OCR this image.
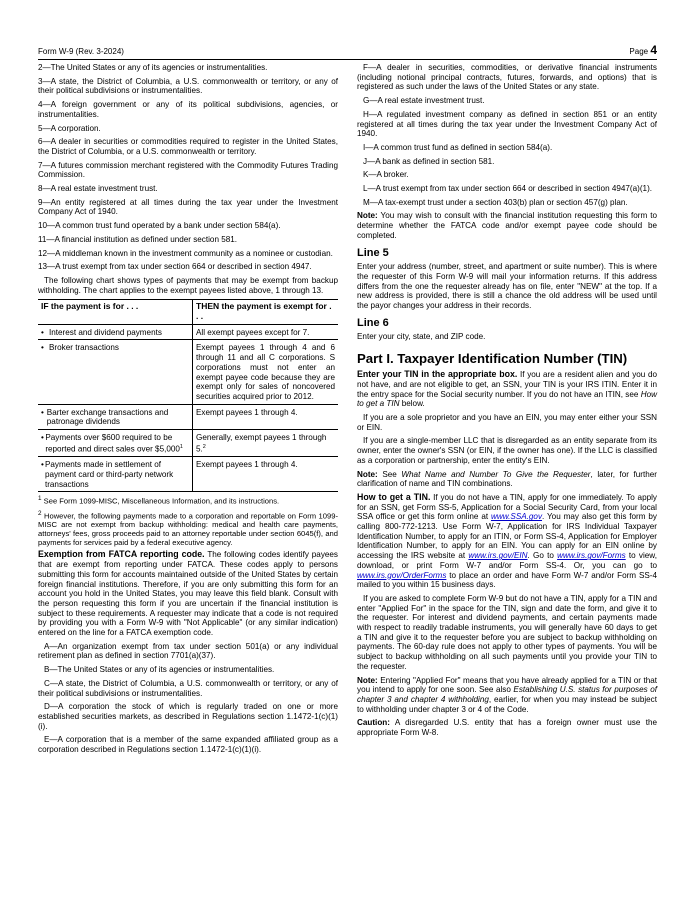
Form W-9 (Rev. 3-2024)	Page 4

2—The United States or any of its agencies or instrumentalities.

3—A state, the District of Columbia, a U.S. commonwealth or territory, or any of their political subdivisions or instrumentalities.

4—A foreign government or any of its political subdivisions, agencies, or instrumentalities.

5—A corporation.

6—A dealer in securities or commodities required to register in the United States, the District of Columbia, or a U.S. commonwealth or territory.

7—A futures commission merchant registered with the Commodity Futures Trading Commission.

8—A real estate investment trust.

9—An entity registered at all times during the tax year under the Investment Company Act of 1940.

10—A common trust fund operated by a bank under section 584(a).

11—A financial institution as defined under section 581.

12—A middleman known in the investment community as a nominee or custodian.

13—A trust exempt from tax under section 664 or described in section 4947.

The following chart shows types of payments that may be exempt from backup withholding. The chart applies to the exempt payees listed above, 1 through 13.

IF the payment is for . . .	THEN the payment is exempt for . . .
• Interest and dividend payments	All exempt payees except for 7.
• Broker transactions	Exempt payees 1 through 4 and 6 through 11 and all C corporations. S corporations must not enter an exempt payee code because they are exempt only for sales of noncovered securities acquired prior to 2012.

• Barter exchange transactions and patronage dividends	Exempt payees 1 through 4.

• Payments over $600 required to be reported and direct sales over $5,000$^1$	Generally, exempt payees 1 through 5.$^2$

• Payments made in settlement of payment card or third-party network transactions	Exempt payees 1 through 4.

$^1$ See Form 1099-MISC, Miscellaneous Information, and its instructions.

$^2$ However, the following payments made to a corporation and reportable on Form 1099-MISC are not exempt from backup withholding: medical and health care payments, attorneys' fees, gross proceeds paid to an attorney reportable under section 6045(f), and payments for services paid by a federal executive agency.

Exemption from FATCA reporting code. The following codes identify payees that are exempt from reporting under FATCA. These codes apply to persons submitting this form for accounts maintained outside of the United States by certain foreign financial institutions. Therefore, if you are only submitting this form for an account you hold in the United States, you may leave this field blank. Consult with the person requesting this form if you are uncertain if the financial institution is subject to these requirements. A requester may indicate that a code is not required by providing you with a Form W-9 with "Not Applicable" (or any similar indication) entered on the line for a FATCA exemption code.

A—An organization exempt from tax under section 501(a) or any individual retirement plan as defined in section 7701(a)(37).

B—The United States or any of its agencies or instrumentalities.

C—A state, the District of Columbia, a U.S. commonwealth or territory, or any of their political subdivisions or instrumentalities.

D—A corporation the stock of which is regularly traded on one or more established securities markets, as described in Regulations section 1.1472-1(c)(1)(i).

E—A corporation that is a member of the same expanded affiliated group as a corporation described in Regulations section 1.1472-1(c)(1)(i).

F—A dealer in securities, commodities, or derivative financial instruments (including notional principal contracts, futures, forwards, and options) that is registered as such under the laws of the United States or any state.

G—A real estate investment trust.

H—A regulated investment company as defined in section 851 or an entity registered at all times during the tax year under the Investment Company Act of 1940.

I—A common trust fund as defined in section 584(a).

J—A bank as defined in section 581.

K—A broker.

L—A trust exempt from tax under section 664 or described in section 4947(a)(1).

M—A tax-exempt trust under a section 403(b) plan or section 457(g) plan.

Note: You may wish to consult with the financial institution requesting this form to determine whether the FATCA code and/or exempt payee code should be completed.

Line 5

Enter your address (number, street, and apartment or suite number). This is where the requester of this Form W-9 will mail your information returns. If this address differs from the one the requester already has on file, enter "NEW" at the top. If a new address is provided, there is still a chance the old address will be used until the payor changes your address in their records.

Line 6

Enter your city, state, and ZIP code.

Part I. Taxpayer Identification Number (TIN)

Enter your TIN in the appropriate box. If you are a resident alien and you do not have, and are not eligible to get, an SSN, your TIN is your IRS ITIN. Enter it in the entry space for the Social security number. If you do not have an ITIN, see How to get a TIN below.

If you are a sole proprietor and you have an EIN, you may enter either your SSN or EIN.

If you are a single-member LLC that is disregarded as an entity separate from its owner, enter the owner's SSN (or EIN, if the owner has one). If the LLC is classified as a corporation or partnership, enter the entity's EIN.

Note: See What Name and Number To Give the Requester, later, for further clarification of name and TIN combinations.

How to get a TIN. If you do not have a TIN, apply for one immediately. To apply for an SSN, get Form SS-5, Application for a Social Security Card, from your local SSA office or get this form online at www.SSA.gov. You may also get this form by calling 800-772-1213. Use Form W-7, Application for IRS Individual Taxpayer Identification Number, to apply for an ITIN, or Form SS-4, Application for Employer Identification Number, to apply for an EIN. You can apply for an EIN online by accessing the IRS website at www.irs.gov/EIN. Go to www.irs.gov/Forms to view, download, or print Form W-7 and/or Form SS-4. Or, you can go to www.irs.gov/OrderForms to place an order and have Form W-7 and/or Form SS-4 mailed to you within 15 business days.

If you are asked to complete Form W-9 but do not have a TIN, apply for a TIN and enter "Applied For" in the space for the TIN, sign and date the form, and give it to the requester. For interest and dividend payments, and certain payments made with respect to readily tradable instruments, you will generally have 60 days to get a TIN and give it to the requester before you are subject to backup withholding on payments. The 60-day rule does not apply to other types of payments. You will be subject to backup withholding on all such payments until you provide your TIN to the requester.

Note: Entering "Applied For" means that you have already applied for a TIN or that you intend to apply for one soon. See also Establishing U.S. status for purposes of chapter 3 and chapter 4 withholding, earlier, for when you may instead be subject to withholding under chapter 3 or 4 of the Code.

Caution: A disregarded U.S. entity that has a foreign owner must use the appropriate Form W-8.
